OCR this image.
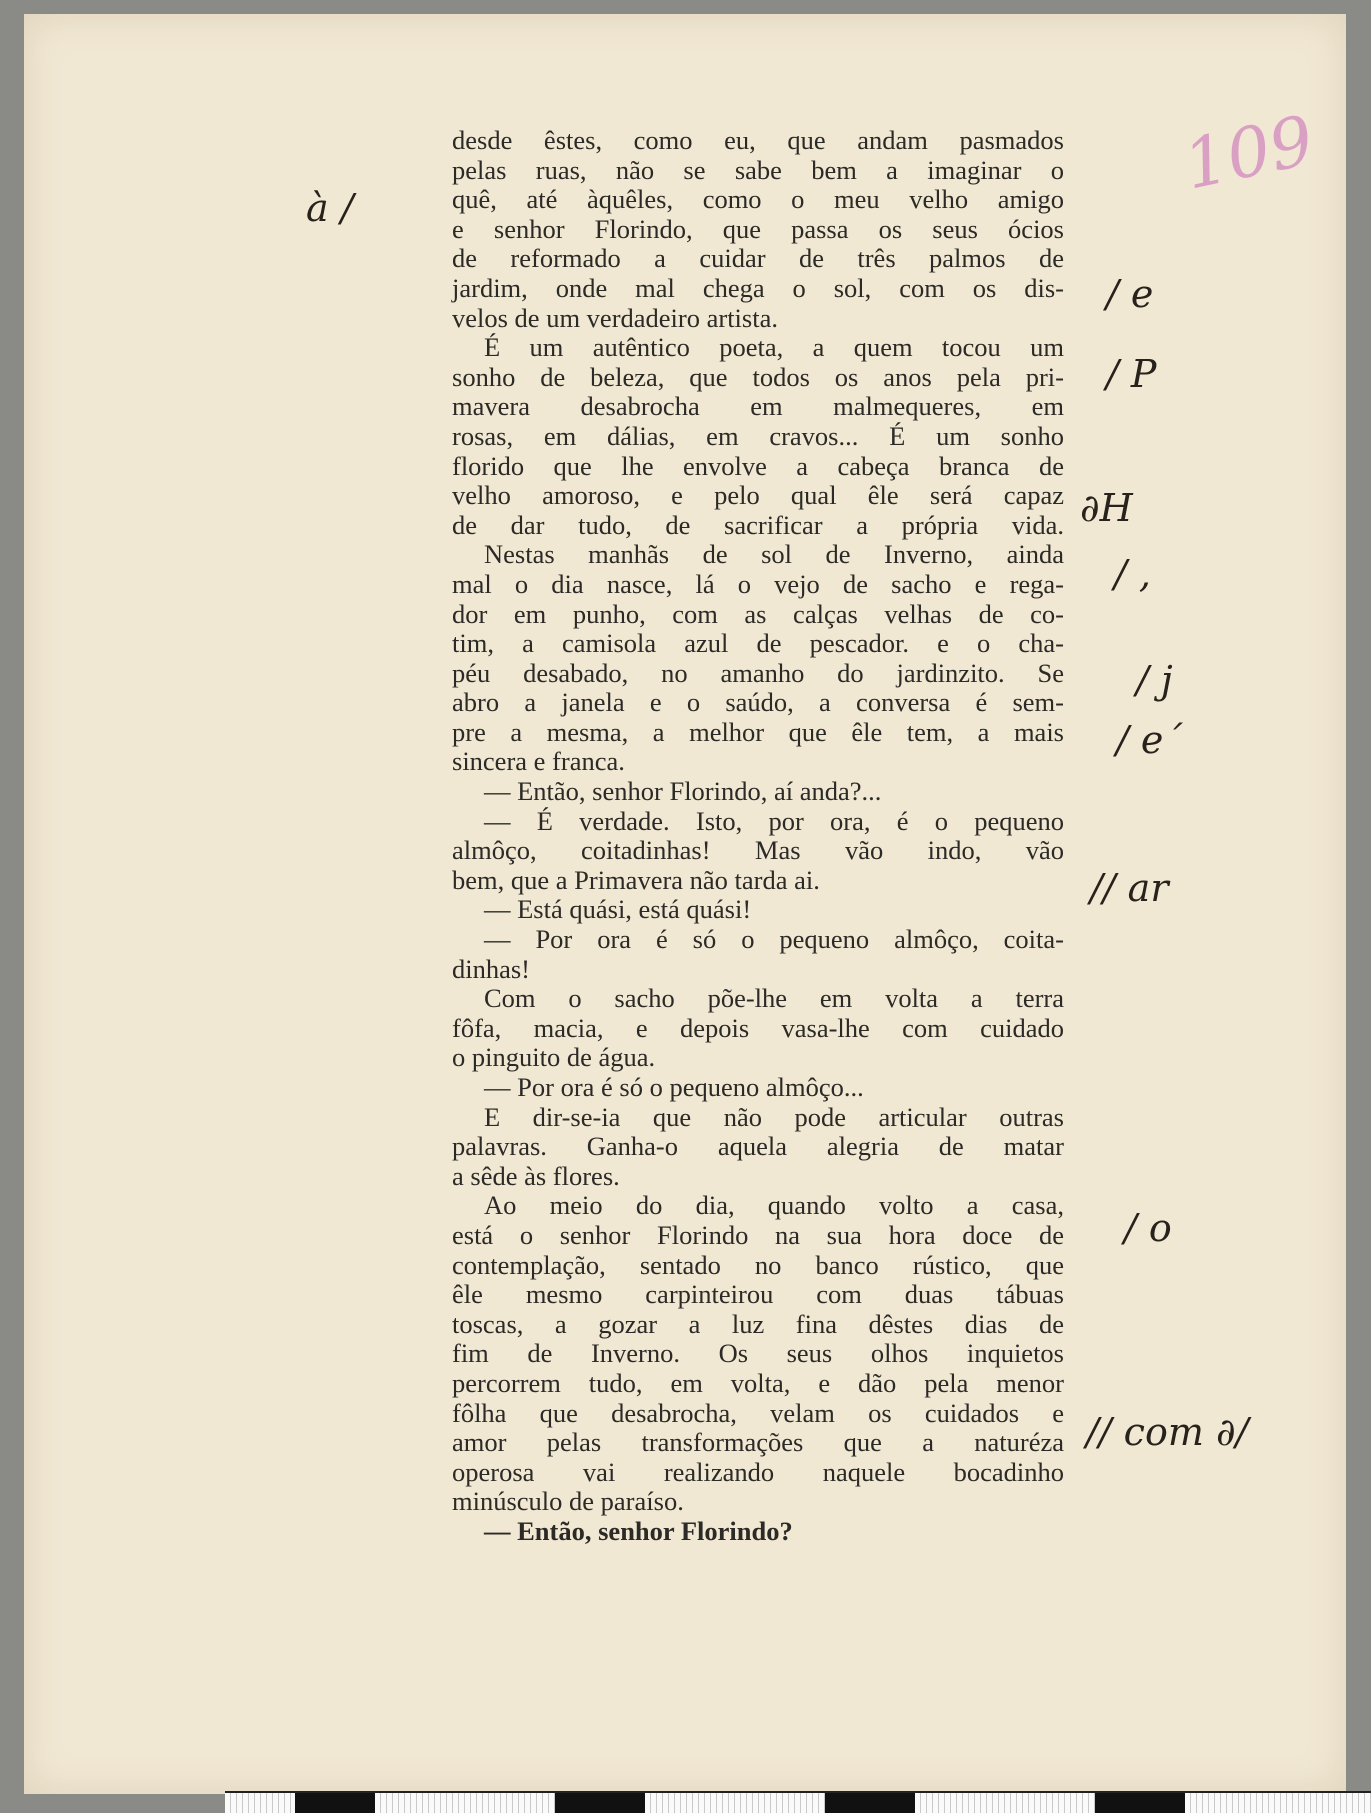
109
desde êstes, como eu, que andam pasmados
pelas ruas, não se sabe bem a imaginar o
quê, até àquêles, como o meu velho amigo
e senhor Florindo, que passa os seus ócios
de reformado a cuidar de três palmos de
jardim, onde mal chega o sol, com os dis-
velos de um verdadeiro artista.
É um autêntico poeta, a quem tocou um
sonho de beleza, que todos os anos pela pri-
mavera desabrocha em malmequeres, em
rosas, em dálias, em cravos... É um sonho
florido que lhe envolve a cabeça branca de
velho amoroso, e pelo qual êle será capaz
de dar tudo, de sacrificar a própria vida.
Nestas manhãs de sol de Inverno, ainda
mal o dia nasce, lá o vejo de sacho e rega-
dor em punho, com as calças velhas de co-
tim, a camisola azul de pescador. e o cha-
péu desabado, no amanho do jardinzito. Se
abro a janela e o saúdo, a conversa é sem-
pre a mesma, a melhor que êle tem, a mais
sincera e franca.
— Então, senhor Florindo, aí anda?...
— É verdade. Isto, por ora, é o pequeno
almôço, coitadinhas! Mas vão indo, vão
bem, que a Primavera não tarda ai.
— Está quási, está quási!
— Por ora é só o pequeno almôço, coita-
dinhas!
Com o sacho põe-lhe em volta a terra
fôfa, macia, e depois vasa-lhe com cuidado
o pinguito de água.
— Por ora é só o pequeno almôço...
E dir-se-ia que não pode articular outras
palavras. Ganha-o aquela alegria de matar
a sêde às flores.
Ao meio do dia, quando volto a casa,
está o senhor Florindo na sua hora doce de
contemplação, sentado no banco rústico, que
êle mesmo carpinteirou com duas tábuas
toscas, a gozar a luz fina dêstes dias de
fim de Inverno. Os seus olhos inquietos
percorrem tudo, em volta, e dão pela menor
fôlha que desabrocha, velam os cuidados e
amor pelas transformações que a naturéza
operosa vai realizando naquele bocadinho
minúsculo de paraíso.
— Então, senhor Florindo?
à /
/ e
/ P
∂H
/ ,
/ j
/ e´
// ar
/ o
// com ∂/
